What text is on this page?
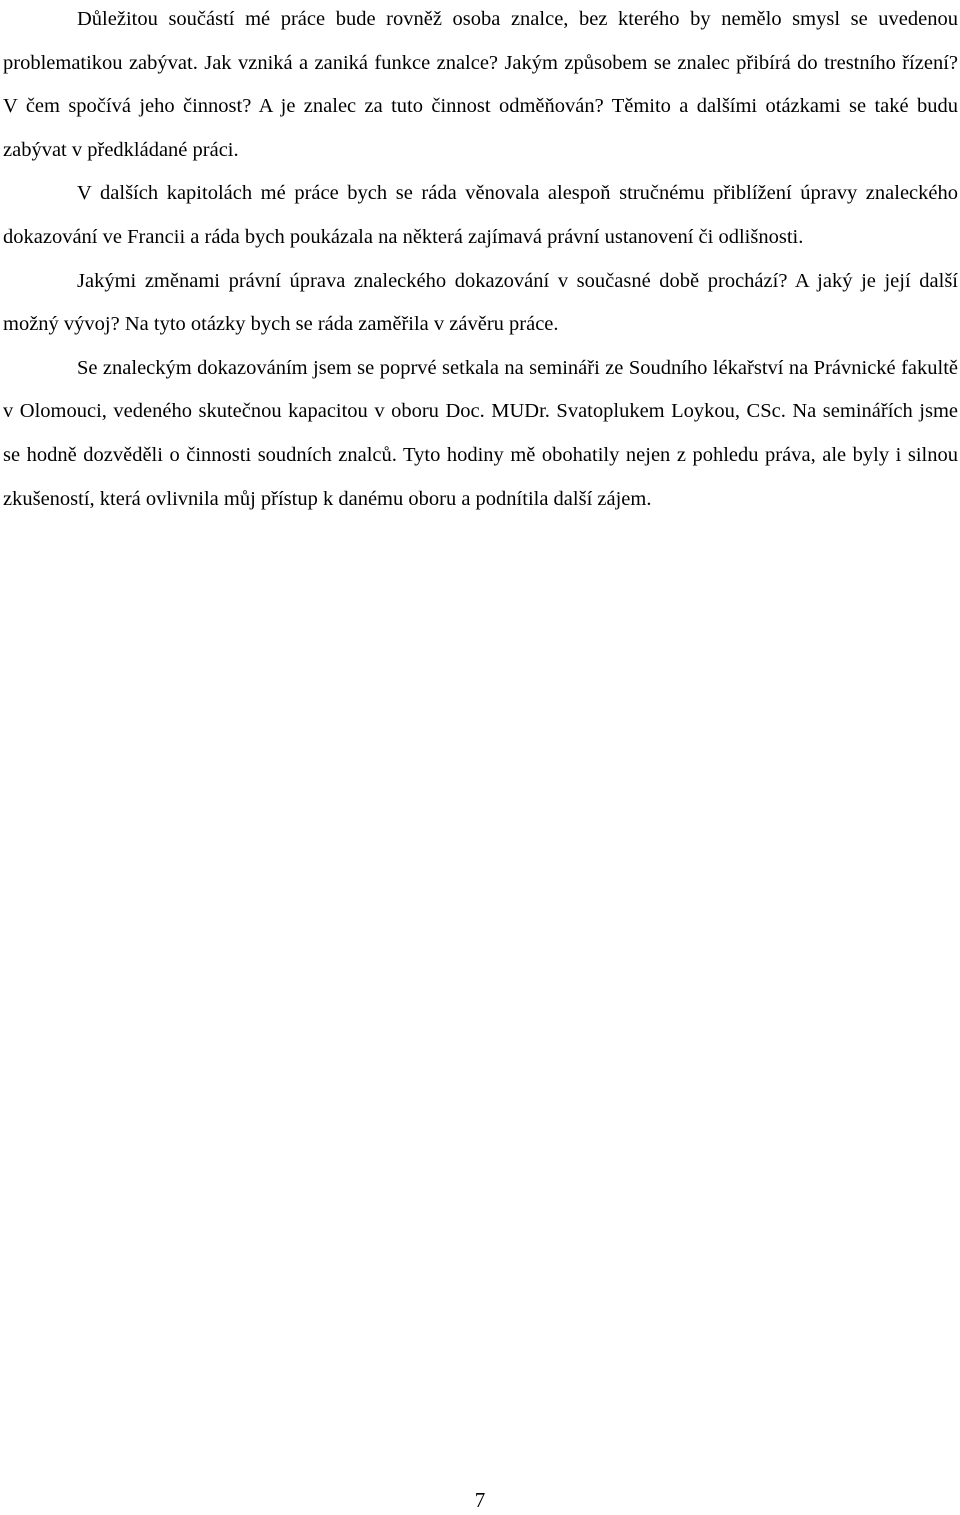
Důležitou součástí mé práce bude rovněž osoba znalce, bez kterého by nemělo smysl se uvedenou problematikou zabývat. Jak vzniká a zaniká funkce znalce? Jakým způsobem se znalec přibírá do trestního řízení? V čem spočívá jeho činnost? A je znalec za tuto činnost odměňován? Těmito a dalšími otázkami se také budu zabývat v předkládané práci.

V dalších kapitolách mé práce bych se ráda věnovala alespoň stručnému přiblížení úpravy znaleckého dokazování ve Francii a ráda bych poukázala na některá zajímavá právní ustanovení či odlišnosti.

Jakými změnami právní úprava znaleckého dokazování v současné době prochází? A jaký je její další možný vývoj? Na tyto otázky bych se ráda zaměřila v závěru práce.

Se znaleckým dokazováním jsem se poprvé setkala na semináři ze Soudního lékařství na Právnické fakultě v Olomouci, vedeného skutečnou kapacitou v oboru Doc. MUDr. Svatoplukem Loykou, CSc. Na seminářích jsme se hodně dozvěděli o činnosti soudních znalců. Tyto hodiny mě obohatily nejen z pohledu práva, ale byly i silnou zkušeností, která ovlivnila můj přístup k danému oboru a podnítila další zájem.

7
